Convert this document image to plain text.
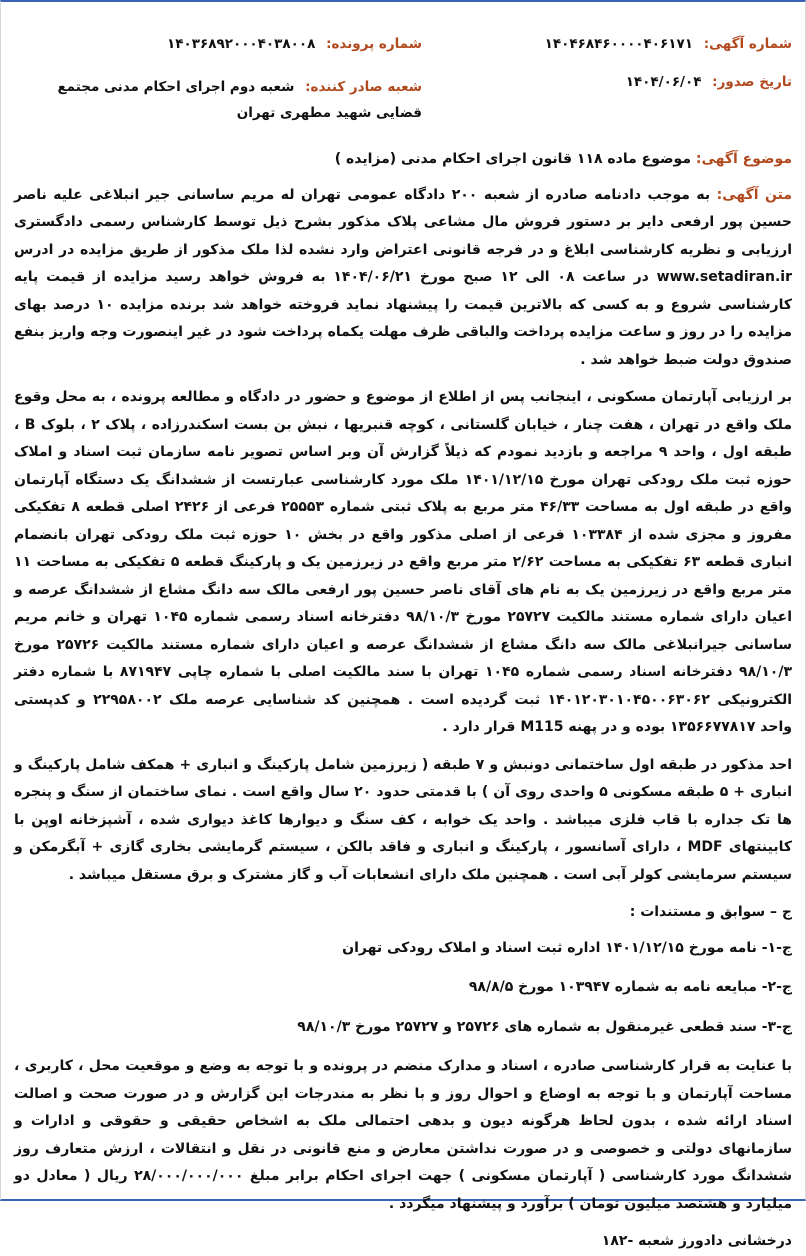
شماره آگهی: ۱۴۰۴۶۸۴۶۰۰۰۰۴۰۶۱۷۱
شماره پرونده: ۱۴۰۳۶۸۹۲۰۰۰۴۰۳۸۰۰۸
تاریخ صدور: ۱۴۰۴/۰۶/۰۴
شعبه صادر کننده: شعبه دوم اجرای احکام مدنی مجتمع قضایی شهید مطهری تهران
موضوع آگهی: موضوع ماده ۱۱۸ قانون اجرای احکام مدنی (مزایده )
متن آگهی: به موجب دادنامه صادره از شعبه ۲۰۰ دادگاه عمومی تهران له مریم ساسانی جیر انبلاغی علیه ناصر حسین پور ارفعی دایر بر دستور فروش مال مشاعی پلاک مذکور بشرح ذیل توسط کارشناس رسمی دادگستری ارزیابی و نظریه کارشناسی ابلاغ و در فرجه قانونی اعتراض وارد نشده لذا ملک مذکور از طریق مزایده در ادرس www.setadiran.ir در ساعت ۰۸ الی ۱۲ صبح مورخ ۱۴۰۴/۰۶/۲۱ به فروش خواهد رسید مزایده از قیمت پایه کارشناسی شروع و به کسی که بالاترین قیمت را پیشنهاد نماید فروخته خواهد شد برنده مزایده ۱۰ درصد بهای مزایده را در روز و ساعت مزایده پرداخت والباقی ظرف مهلت یکماه پرداخت شود در غیر اینصورت وجه واریز بنفع صندوق دولت ضبط خواهد شد .
بر ارزیابی آپارتمان مسکونی ، اینجانب پس از اطلاع از موضوع و حضور در دادگاه و مطالعه پرونده ، به محل وقوع ملک واقع در تهران ، هفت چنار ، خیابان گلستانی ، کوچه قنبریها ، نبش بن بست اسکندرزاده ، پلاک ۲ ، بلوک B ، طبقه اول ، واحد ۹ مراجعه و بازدید نمودم که ذیلاً گزارش آن وبر اساس تصویر نامه سازمان ثبت اسناد و املاک حوزه ثبت ملک رودکی تهران مورخ ۱۴۰۱/۱۲/۱۵ ملک مورد کارشناسی عبارتست از ششدانگ یک دستگاه آپارتمان واقع در طبقه اول به مساحت ۴۶/۳۳ متر مربع به پلاک ثبتی شماره ۲۵۵۵۳ فرعی از ۲۴۲۶ اصلی قطعه ۸ تفکیکی مفروز و مجزی شده از ۱۰۳۳۸۴ فرعی از اصلی مذکور واقع در بخش ۱۰ حوزه ثبت ملک رودکی تهران بانضمام انباری قطعه ۶۳ تفکیکی به مساحت ۲/۶۲ متر مربع واقع در زیرزمین یک و پارکینگ قطعه ۵ تفکیکی به مساحت ۱۱ متر مربع واقع در زیرزمین یک به نام های آقای ناصر حسین پور ارفعی مالک سه دانگ مشاع از ششدانگ عرصه و اعیان دارای شماره مستند مالکیت ۲۵۷۲۷ مورخ ۹۸/۱۰/۳ دفترخانه اسناد رسمی شماره ۱۰۴۵ تهران و خانم مریم ساسانی جیرانبلاغی مالک سه دانگ مشاع از ششدانگ عرصه و اعیان دارای شماره مستند مالکیت ۲۵۷۲۶ مورخ ۹۸/۱۰/۳ دفترخانه اسناد رسمی شماره ۱۰۴۵ تهران با سند مالکیت اصلی با شماره چاپی ۸۷۱۹۴۷ با شماره دفتر الکترونیکی ۱۴۰۱۲۰۳۰۱۰۴۵۰۰۶۳۰۶۲ ثبت گردیده است . همچنین کد شناسایی عرصه ملک ۲۲۹۵۸۰۰۲ و کدپستی واحد ۱۳۵۶۶۷۷۸۱۷ بوده و در پهنه M115 قرار دارد .
احد مذکور در طبقه اول ساختمانی دونبش و ۷ طبقه ( زیرزمین شامل پارکینگ و انباری + همکف شامل پارکینگ و انباری + ۵ طبقه مسکونی ۵ واحدی روی آن ) با قدمتی حدود ۲۰ سال واقع است . نمای ساختمان از سنگ و پنجره ها تک جداره با قاب فلزی میباشد . واحد یک خوابه ، کف سنگ و دیوارها کاغذ دیواری شده ، آشپزخانه اوپن با کابینتهای MDF ، دارای آسانسور ، پارکینگ و انباری و فاقد بالکن ، سیستم گرمایشی بخاری گازی + آبگرمکن و سیستم سرمایشی کولر آبی است . همچنین ملک دارای انشعابات آب و گاز مشترک و برق مستقل میباشد .
ج – سوابق و مستندات :
ج-۱- نامه مورخ ۱۴۰۱/۱۲/۱۵ اداره ثبت اسناد و املاک رودکی تهران
ج-۲- مبایعه نامه به شماره ۱۰۳۹۴۷ مورخ ۹۸/۸/۵
ج-۳- سند قطعی غیرمنقول به شماره های ۲۵۷۲۶ و ۲۵۷۲۷ مورخ ۹۸/۱۰/۳
با عنایت به قرار کارشناسی صادره ، اسناد و مدارک منضم در پرونده و با توجه به وضع و موقعیت محل ، کاربری ، مساحت آپارتمان و با توجه به اوضاع و احوال روز و با نظر به مندرجات این گزارش و در صورت صحت و اصالت اسناد ارائه شده ، بدون لحاظ هرگونه دیون و بدهی احتمالی ملک به اشخاص حقیقی و حقوقی و ادارات و سازمانهای دولتی و خصوصی و در صورت نداشتن معارض و منع قانونی در نقل و انتقالات ، ارزش متعارف روز ششدانگ مورد کارشناسی ( آپارتمان مسکونی ) جهت اجرای احکام برابر مبلغ ۲۸/۰۰۰/۰۰۰/۰۰۰ ریال ( معادل دو میلیارد و هشتصد میلیون تومان ) برآورد و پیشنهاد میگردد .
درخشانی دادورز شعبه -۱۸۲
